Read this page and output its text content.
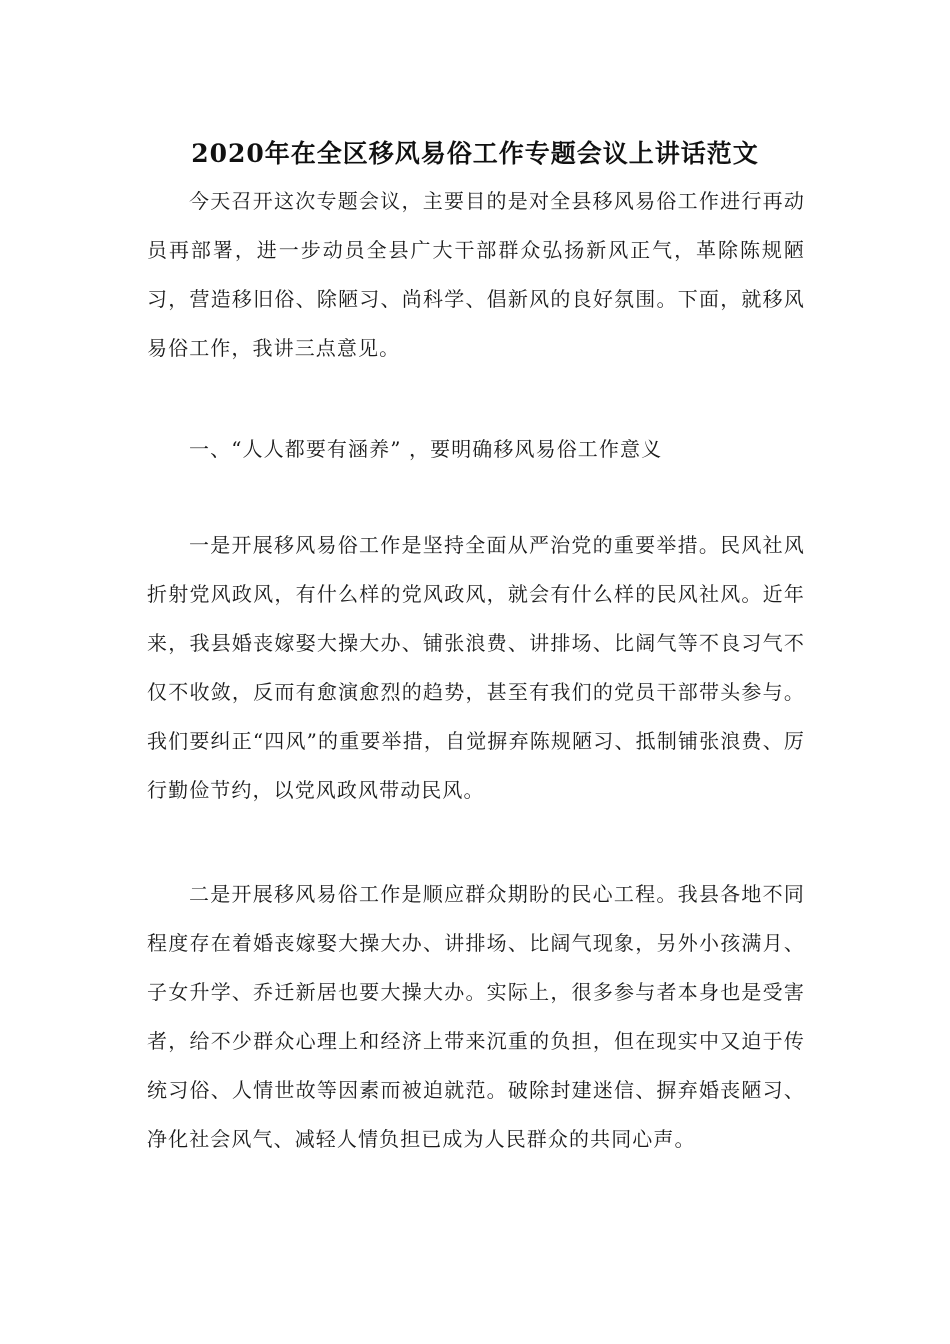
2020年在全区移风易俗工作专题会议上讲话范文

今天召开这次专题会议，主要目的是对全县移风易俗工作进行再动员再部署，进一步动员全县广大干部群众弘扬新风正气，革除陈规陋习，营造移旧俗、除陋习、尚科学、倡新风的良好氛围。下面，就移风易俗工作，我讲三点意见。

一、“人人都要有涵养” ，要明确移风易俗工作意义

一是开展移风易俗工作是坚持全面从严治党的重要举措。民风社风折射党风政风，有什么样的党风政风，就会有什么样的民风社风。近年来，我县婚丧嫁娶大操大办、铺张浪费、讲排场、比阔气等不良习气不仅不收敛，反而有愈演愈烈的趋势，甚至有我们的党员干部带头参与。我们要纠正“四风”的重要举措，自觉摒弃陈规陋习、抵制铺张浪费、厉行勤俭节约，以党风政风带动民风。

二是开展移风易俗工作是顺应群众期盼的民心工程。我县各地不同程度存在着婚丧嫁娶大操大办、讲排场、比阔气现象，另外小孩满月、子女升学、乔迁新居也要大操大办。实际上，很多参与者本身也是受害者，给不少群众心理上和经济上带来沉重的负担，但在现实中又迫于传统习俗、人情世故等因素而被迫就范。破除封建迷信、摒弃婚丧陋习、净化社会风气、减轻人情负担已成为人民群众的共同心声。
